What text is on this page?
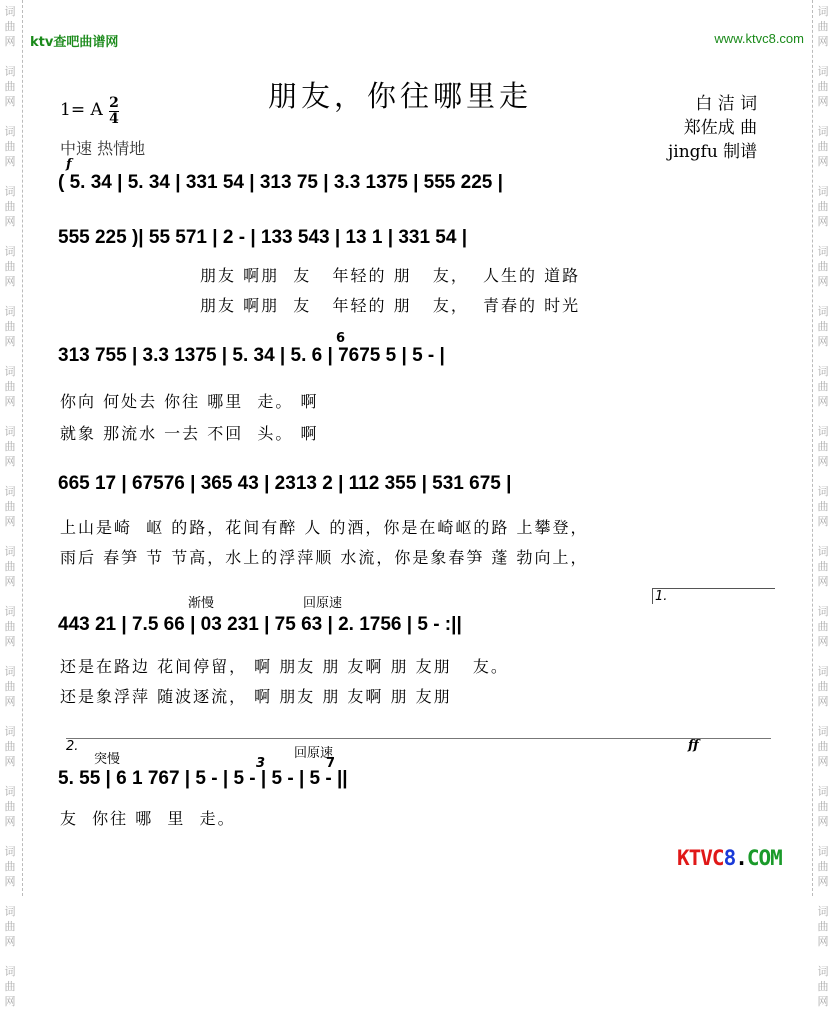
词
曲
网
词
曲
网
词
曲
网
词
曲
网
词
曲
网
词
曲
网
词
曲
网
词
曲
网
词
曲
网
词
曲
网
词
曲
网
词
曲
网
词
曲
网
词
曲
网
词
曲
网
词
曲
网
词
曲
网
词
曲
网
词
曲
网
词
曲
网
词
曲
网
词
曲
网
词
曲
网
词
曲
网
词
曲
网
词
曲
网
词
曲
网
词
曲
网
词
曲
网
词
曲
网
词
曲
网
词
曲
网
词
曲
网
词
曲
网
ktv查吧曲谱网	www.ktvc8.com
朋友，你往哪里走	白 洁 词
郑佐成 曲
jingfu 制谱
1= A 2
4
中速 热情地
f
( 5. 34 | 5. 34 | 331 54 | 313 75 | 3.3 1375 | 555 225 |
555 225 )| 55 571 | 2 - | 133 543 | 13 1 | 331 54 |
朋友 啊朋  友   年轻的 朋   友，  人生的 道路
朋友 啊朋  友   年轻的 朋   友，  青春的 时光
6
313 755 | 3.3 1375 | 5. 34 | 5. 6 | 7675 5 | 5 - |
你向 何处去 你往 哪里  走。 啊
就象 那流水 一去 不回  头。 啊
665 17 | 67576 | 365 43 | 2313 2 | 112 355 | 531 675 |
上山是崎  岖 的路，花间有醉 人 的酒，你是在崎岖的路 上攀登，
雨后 春笋 节 节高，水上的浮萍顺 水流，你是象春笋 蓬 勃向上，
渐慢	回原速	1.
443 21 | 7.5 66 | 03 231 | 75 63 | 2. 1756 | 5 - :||
还是在路边 花间停留， 啊 朋友 朋 友啊 朋 友朋   友。
还是象浮萍 随波逐流， 啊 朋友 朋 友啊 朋 友朋
2.
突慢	回原速
7
3
ff
5. 55 | 6 1 767 | 5 - | 5 - | 5 - | 5 - ||
友  你往 哪  里  走。
KTVC8.COM
